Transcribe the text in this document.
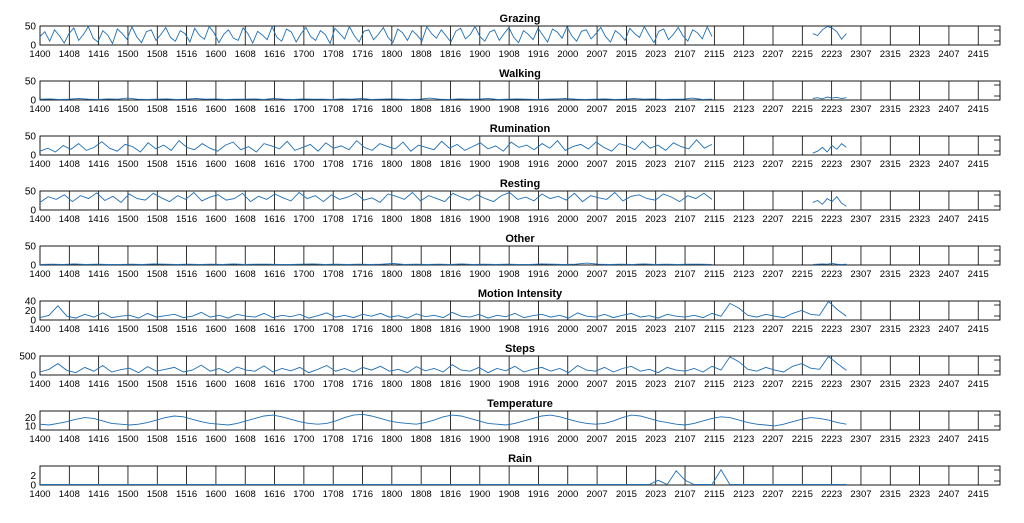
Grazing
1400 1408 1416 1500 1508 1516 1600 1608 1616 1700 1708 1716 1800 1808 1816 1900 1908 1916 2000 2007 2015 2023 2107 2115 2123 2207 2215 2223 2307 2315 2323 2407 2415
50
0
Walking
1400 1408 1416 1500 1508 1516 1600 1608 1616 1700 1708 1716 1800 1808 1816 1900 1908 1916 2000 2007 2015 2023 2107 2115 2123 2207 2215 2223 2307 2315 2323 2407 2415
50
0
Rumination
1400 1408 1416 1500 1508 1516 1600 1608 1616 1700 1708 1716 1800 1808 1816 1900 1908 1916 2000 2007 2015 2023 2107 2115 2123 2207 2215 2223 2307 2315 2323 2407 2415
50
0
Resting
1400 1408 1416 1500 1508 1516 1600 1608 1616 1700 1708 1716 1800 1808 1816 1900 1908 1916 2000 2007 2015 2023 2107 2115 2123 2207 2215 2223 2307 2315 2323 2407 2415
50
0
Other
1400 1408 1416 1500 1508 1516 1600 1608 1616 1700 1708 1716 1800 1808 1816 1900 1908 1916 2000 2007 2015 2023 2107 2115 2123 2207 2215 2223 2307 2315 2323 2407 2415
50
0
Motion Intensity
1400 1408 1416 1500 1508 1516 1600 1608 1616 1700 1708 1716 1800 1808 1816 1900 1908 1916 2000 2007 2015 2023 2107 2115 2123 2207 2215 2223 2307 2315 2323 2407 2415
40
20
0
Steps
1400 1408 1416 1500 1508 1516 1600 1608 1616 1700 1708 1716 1800 1808 1816 1900 1908 1916 2000 2007 2015 2023 2107 2115 2123 2207 2215 2223 2307 2315 2323 2407 2415
500
0
Temperature
1400 1408 1416 1500 1508 1516 1600 1608 1616 1700 1708 1716 1800 1808 1816 1900 1908 1916 2000 2007 2015 2023 2107 2115 2123 2207 2215 2223 2307 2315 2323 2407 2415
20
10
Rain
1400 1408 1416 1500 1508 1516 1600 1608 1616 1700 1708 1716 1800 1808 1816 1900 1908 1916 2000 2007 2015 2023 2107 2115 2123 2207 2215 2223 2307 2315 2323 2407 2415
2
0
